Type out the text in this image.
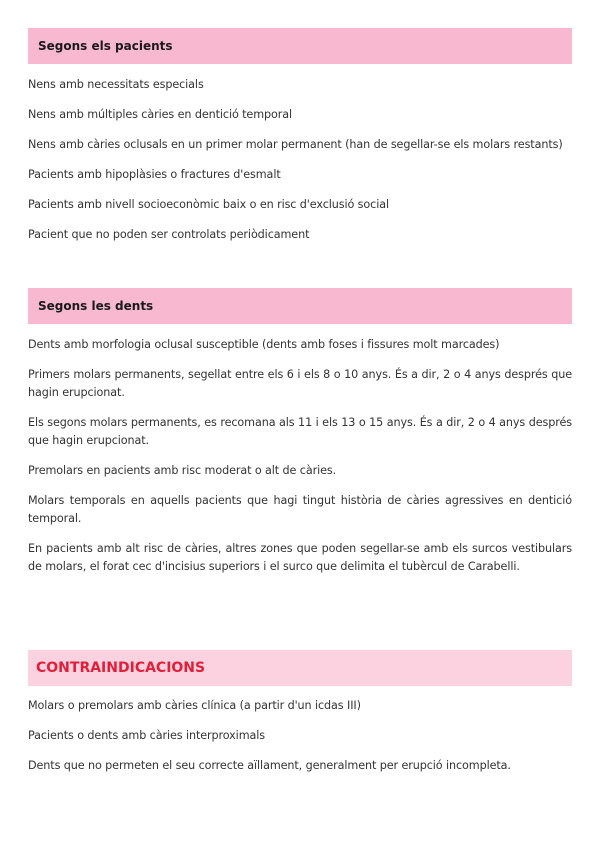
Segons els pacients
Nens amb necessitats especials
Nens amb múltiples càries en dentició temporal
Nens amb càries oclusals en un primer molar permanent (han de segellar-se els molars restants)
Pacients amb hipoplàsies o fractures d'esmalt
Pacients amb nivell socioeconòmic baix o en risc d'exclusió social
Pacient que no poden ser controlats periòdicament
Segons les dents
Dents amb morfologia oclusal susceptible (dents amb foses i fissures molt marcades)
Primers molars permanents, segellat entre els 6 i els 8 o 10 anys. És a dir, 2 o 4 anys després que hagin erupcionat.
Els segons molars permanents, es recomana als 11 i els 13 o 15 anys. És a dir, 2 o 4 anys després que hagin erupcionat.
Premolars en pacients amb risc moderat o alt de càries.
Molars temporals en aquells pacients que hagi tingut història de càries agressives en dentició temporal.
En pacients amb alt risc de càries, altres zones que poden segellar-se amb els surcos vestibulars de molars, el forat cec d'incisius superiors i el surco que delimita el tubèrcul de Carabelli.
CONTRAINDICACIONS
Molars o premolars amb càries clínica (a partir d'un icdas III)
Pacients o dents amb càries interproximals
Dents que no permeten el seu correcte aïllament, generalment per erupció incompleta.
